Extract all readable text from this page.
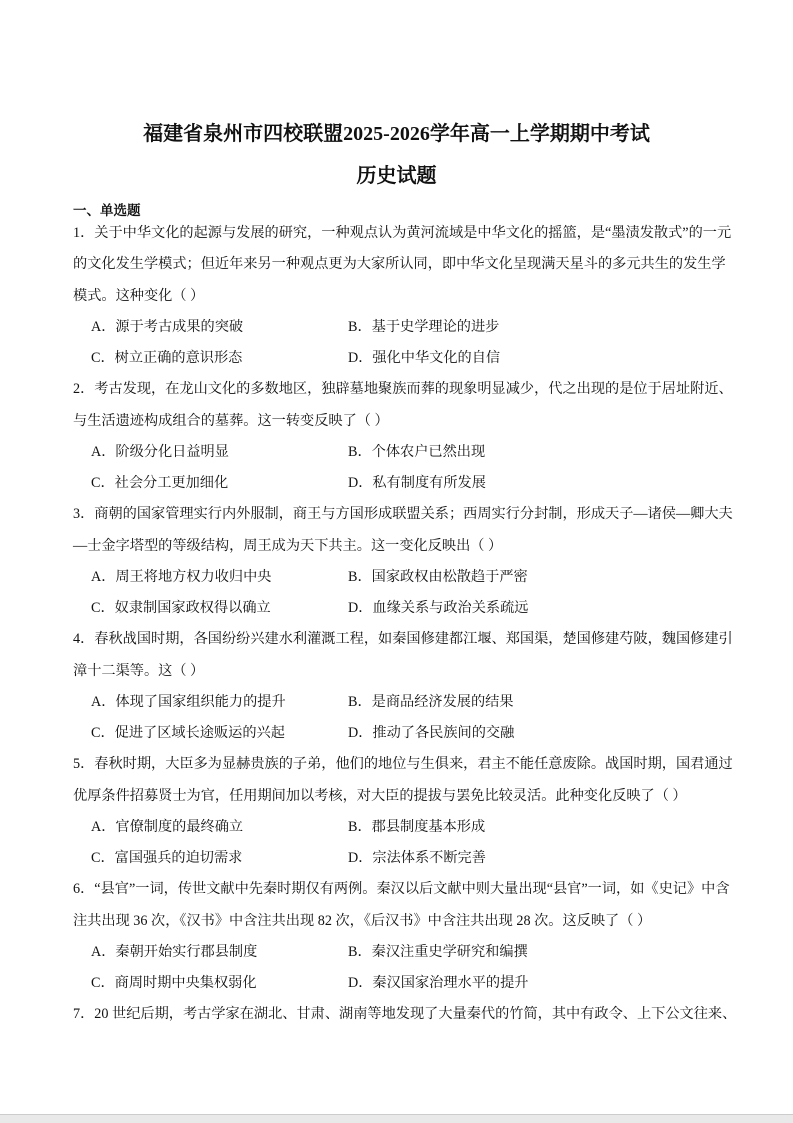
福建省泉州市四校联盟2025-2026学年高一上学期期中考试
历史试题
一、单选题
1．关于中华文化的起源与发展的研究，一种观点认为黄河流域是中华文化的摇篮，是“墨渍发散式”的一元
的文化发生学模式；但近年来另一种观点更为大家所认同，即中华文化呈现满天星斗的多元共生的发生学
模式。这种变化（ ）
A．源于考古成果的突破	B．基于史学理论的进步
C．树立正确的意识形态	D．强化中华文化的自信
2．考古发现，在龙山文化的多数地区，独辟墓地聚族而葬的现象明显减少，代之出现的是位于居址附近、
与生活遗迹构成组合的墓葬。这一转变反映了（ ）
A．阶级分化日益明显	B．个体农户已然出现
C．社会分工更加细化	D．私有制度有所发展
3．商朝的国家管理实行内外服制，商王与方国形成联盟关系；西周实行分封制，形成天子—诸侯—卿大夫
—士金字塔型的等级结构，周王成为天下共主。这一变化反映出（ ）
A．周王将地方权力收归中央	B．国家政权由松散趋于严密
C．奴隶制国家政权得以确立	D．血缘关系与政治关系疏远
4．春秋战国时期，各国纷纷兴建水利灌溉工程，如秦国修建都江堰、郑国渠，楚国修建芍陂，魏国修建引
漳十二渠等。这（ ）
A．体现了国家组织能力的提升	B．是商品经济发展的结果
C．促进了区域长途贩运的兴起	D．推动了各民族间的交融
5．春秋时期，大臣多为显赫贵族的子弟，他们的地位与生俱来，君主不能任意废除。战国时期，国君通过
优厚条件招募贤士为官，任用期间加以考核，对大臣的提拔与罢免比较灵活。此种变化反映了（ ）
A．官僚制度的最终确立	B．郡县制度基本形成
C．富国强兵的迫切需求	D．宗法体系不断完善
6．“县官”一词，传世文献中先秦时期仅有两例。秦汉以后文献中则大量出现“县官”一词，如《史记》中含
注共出现 36 次，《汉书》中含注共出现 82 次，《后汉书》中含注共出现 28 次。这反映了（ ）
A．秦朝开始实行郡县制度	B．秦汉注重史学研究和编撰
C．商周时期中央集权弱化	D．秦汉国家治理水平的提升
7．20 世纪后期，考古学家在湖北、甘肃、湖南等地发现了大量秦代的竹简，其中有政令、上下公文往来、
